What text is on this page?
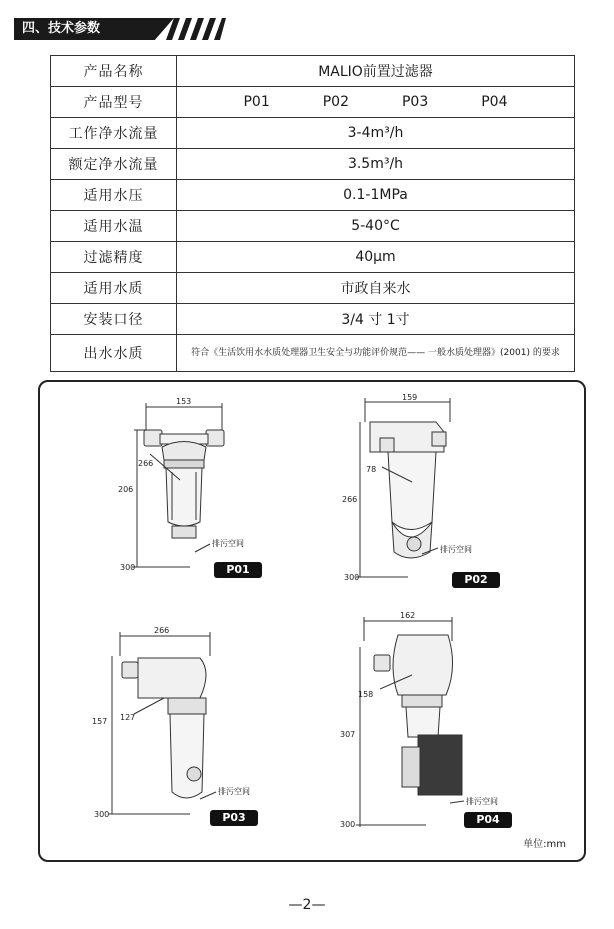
四、技术参数
产品名称	MALIO前置过滤器
产品型号	P01 P02 P03 P04

工作净水流量	3-4m³/h
额定净水流量	3.5m³/h
适用水压	0.1-1MPa
适用水温	5-40°C
过滤精度	40μm
适用水质	市政自来水
安装口径	3/4 寸 1寸
出水水质	符合《生活饮用水水质处理器卫生安全与功能评价规范—— 一般水质处理器》(2001) 的要求
153
206
266
300
排污空间
P01
159
266
78
300
排污空间
P02
266
157 127
300
排污空间
P03
162
307
158
300
排污空间
P04
单位:mm
—2—
